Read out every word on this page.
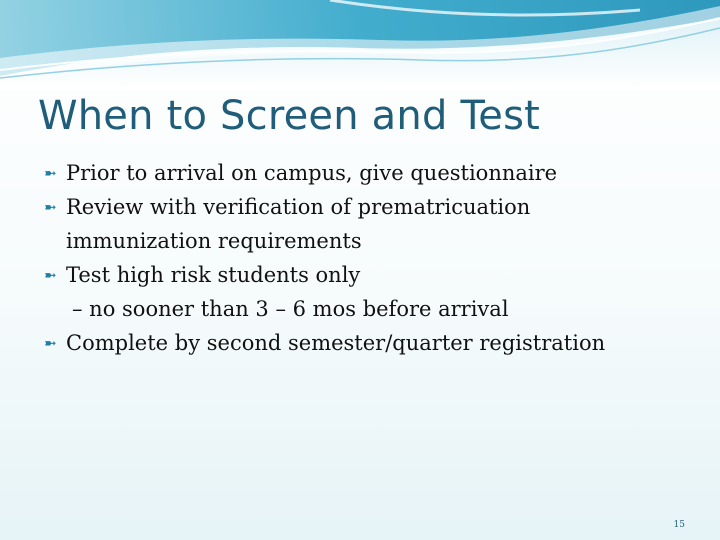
When to Screen and Test
➼ Prior to arrival on campus, give questionnaire
➼ Review with verification of prematricuation
immunization requirements
➼ Test high risk students only
– no sooner than 3 – 6 mos before arrival
➼ Complete by second semester/quarter registration
15
